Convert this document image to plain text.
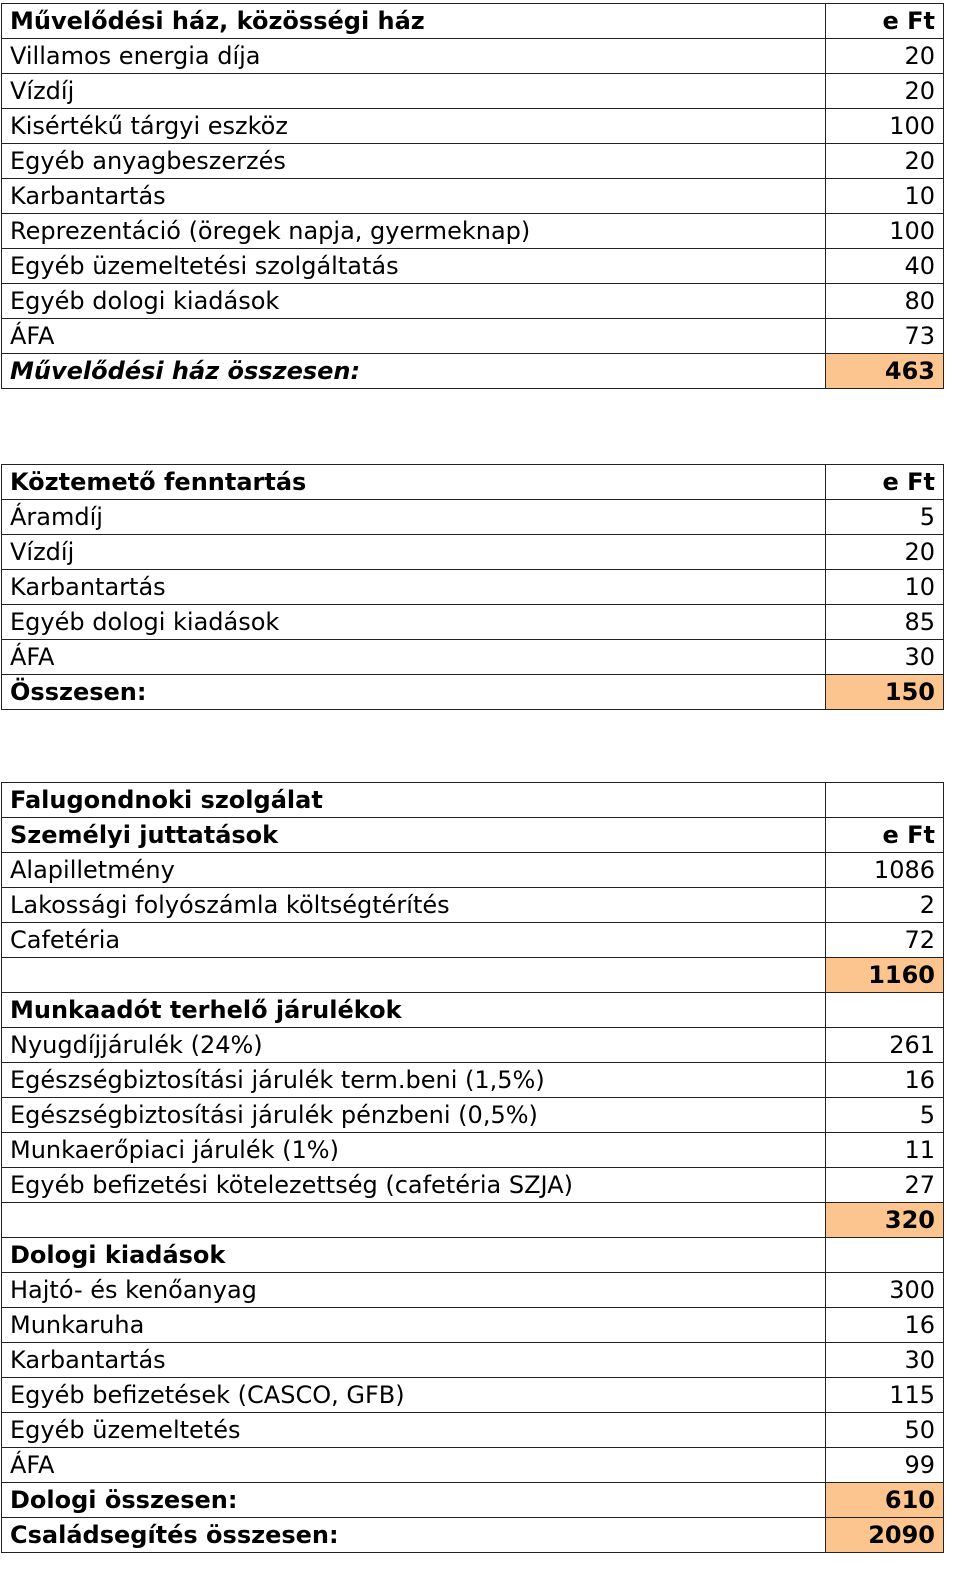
Művelődési ház, közösségi ház	e Ft
Villamos energia díja	20
Vízdíj	20
Kisértékű tárgyi eszköz	100
Egyéb anyagbeszerzés	20
Karbantartás	10
Reprezentáció (öregek napja, gyermeknap)	100
Egyéb üzemeltetési szolgáltatás	40
Egyéb dologi kiadások	80
ÁFA	73
Művelődési ház összesen:	463
Köztemető fenntartás	e Ft
Áramdíj	5
Vízdíj	20
Karbantartás	10
Egyéb dologi kiadások	85
ÁFA	30
Összesen:	150
Falugondnoki szolgálat	
Személyi juttatások	e Ft
Alapilletmény	1086
Lakossági folyószámla költségtérítés	2
Cafetéria	72
	1160
Munkaadót terhelő járulékok	
Nyugdíjjárulék (24%)	261
Egészségbiztosítási járulék term.beni (1,5%)	16
Egészségbiztosítási járulék pénzbeni (0,5%)	5
Munkaerőpiaci járulék (1%)	11
Egyéb befizetési kötelezettség (cafetéria SZJA)	27
	320
Dologi kiadások	
Hajtó- és kenőanyag	300
Munkaruha	16
Karbantartás	30
Egyéb befizetések (CASCO, GFB)	115
Egyéb üzemeltetés	50
ÁFA	99
Dologi összesen:	610
Családsegítés összesen:	2090
